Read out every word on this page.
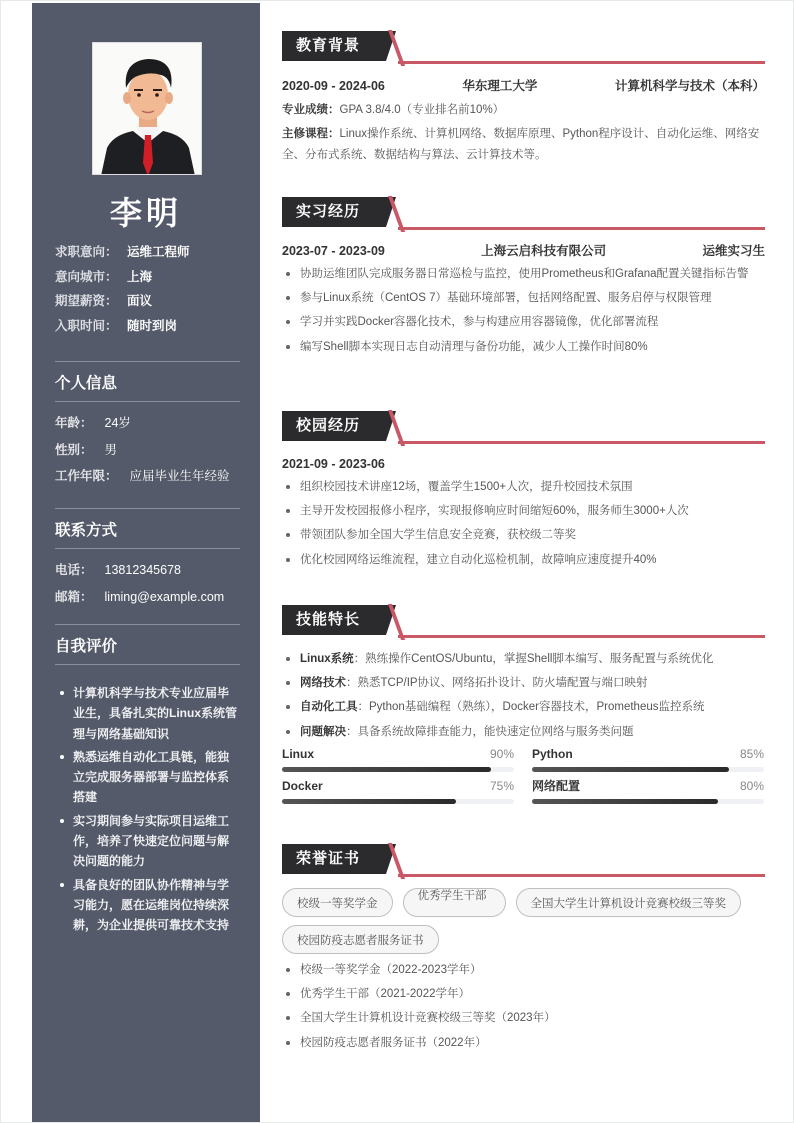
李明
求职意向： 运维工程师
意向城市： 上海
期望薪资： 面议
入职时间： 随时到岗
个人信息
年龄： 24岁
性别： 男
工作年限： 应届毕业生年经验
联系方式
电话： 13812345678
邮箱： liming@example.com
自我评价
计算机科学与技术专业应届毕业生，具备扎实的Linux系统管理与网络基础知识
熟悉运维自动化工具链，能独立完成服务器部署与监控体系搭建
实习期间参与实际项目运维工作，培养了快速定位问题与解决问题的能力
具备良好的团队协作精神与学习能力，愿在运维岗位持续深耕，为企业提供可靠技术支持
教育背景
2020-09 - 2024-06	华东理工大学	计算机科学与技术（本科）
专业成绩：GPA 3.8/4.0（专业排名前10%）
主修课程：Linux操作系统、计算机网络、数据库原理、Python程序设计、自动化运维、网络安全、分布式系统、数据结构与算法、云计算技术等。
实习经历
2023-07 - 2023-09	上海云启科技有限公司	运维实习生
协助运维团队完成服务器日常巡检与监控，使用Prometheus和Grafana配置关键指标告警
参与Linux系统（CentOS 7）基础环境部署，包括网络配置、服务启停与权限管理
学习并实践Docker容器化技术，参与构建应用容器镜像，优化部署流程
编写Shell脚本实现日志自动清理与备份功能，减少人工操作时间80%
校园经历
2021-09 - 2023-06
组织校园技术讲座12场，覆盖学生1500+人次，提升校园技术氛围
主导开发校园报修小程序，实现报修响应时间缩短60%，服务师生3000+人次
带领团队参加全国大学生信息安全竞赛，获校级二等奖
优化校园网络运维流程，建立自动化巡检机制，故障响应速度提升40%
技能特长
Linux系统：熟练操作CentOS/Ubuntu，掌握Shell脚本编写、服务配置与系统优化
网络技术：熟悉TCP/IP协议、网络拓扑设计、防火墙配置与端口映射
自动化工具：Python基础编程（熟练），Docker容器技术，Prometheus监控系统
问题解决：具备系统故障排查能力，能快速定位网络与服务类问题
Linux	90% Python	85%
Docker	75% 网络配置	80%
荣誉证书
校级一等奖学金
优秀学生干部
全国大学生计算机设计竞赛校级三等奖
校园防疫志愿者服务证书
校级一等奖学金（2022-2023学年）
优秀学生干部（2021-2022学年）
全国大学生计算机设计竞赛校级三等奖（2023年）
校园防疫志愿者服务证书（2022年）
